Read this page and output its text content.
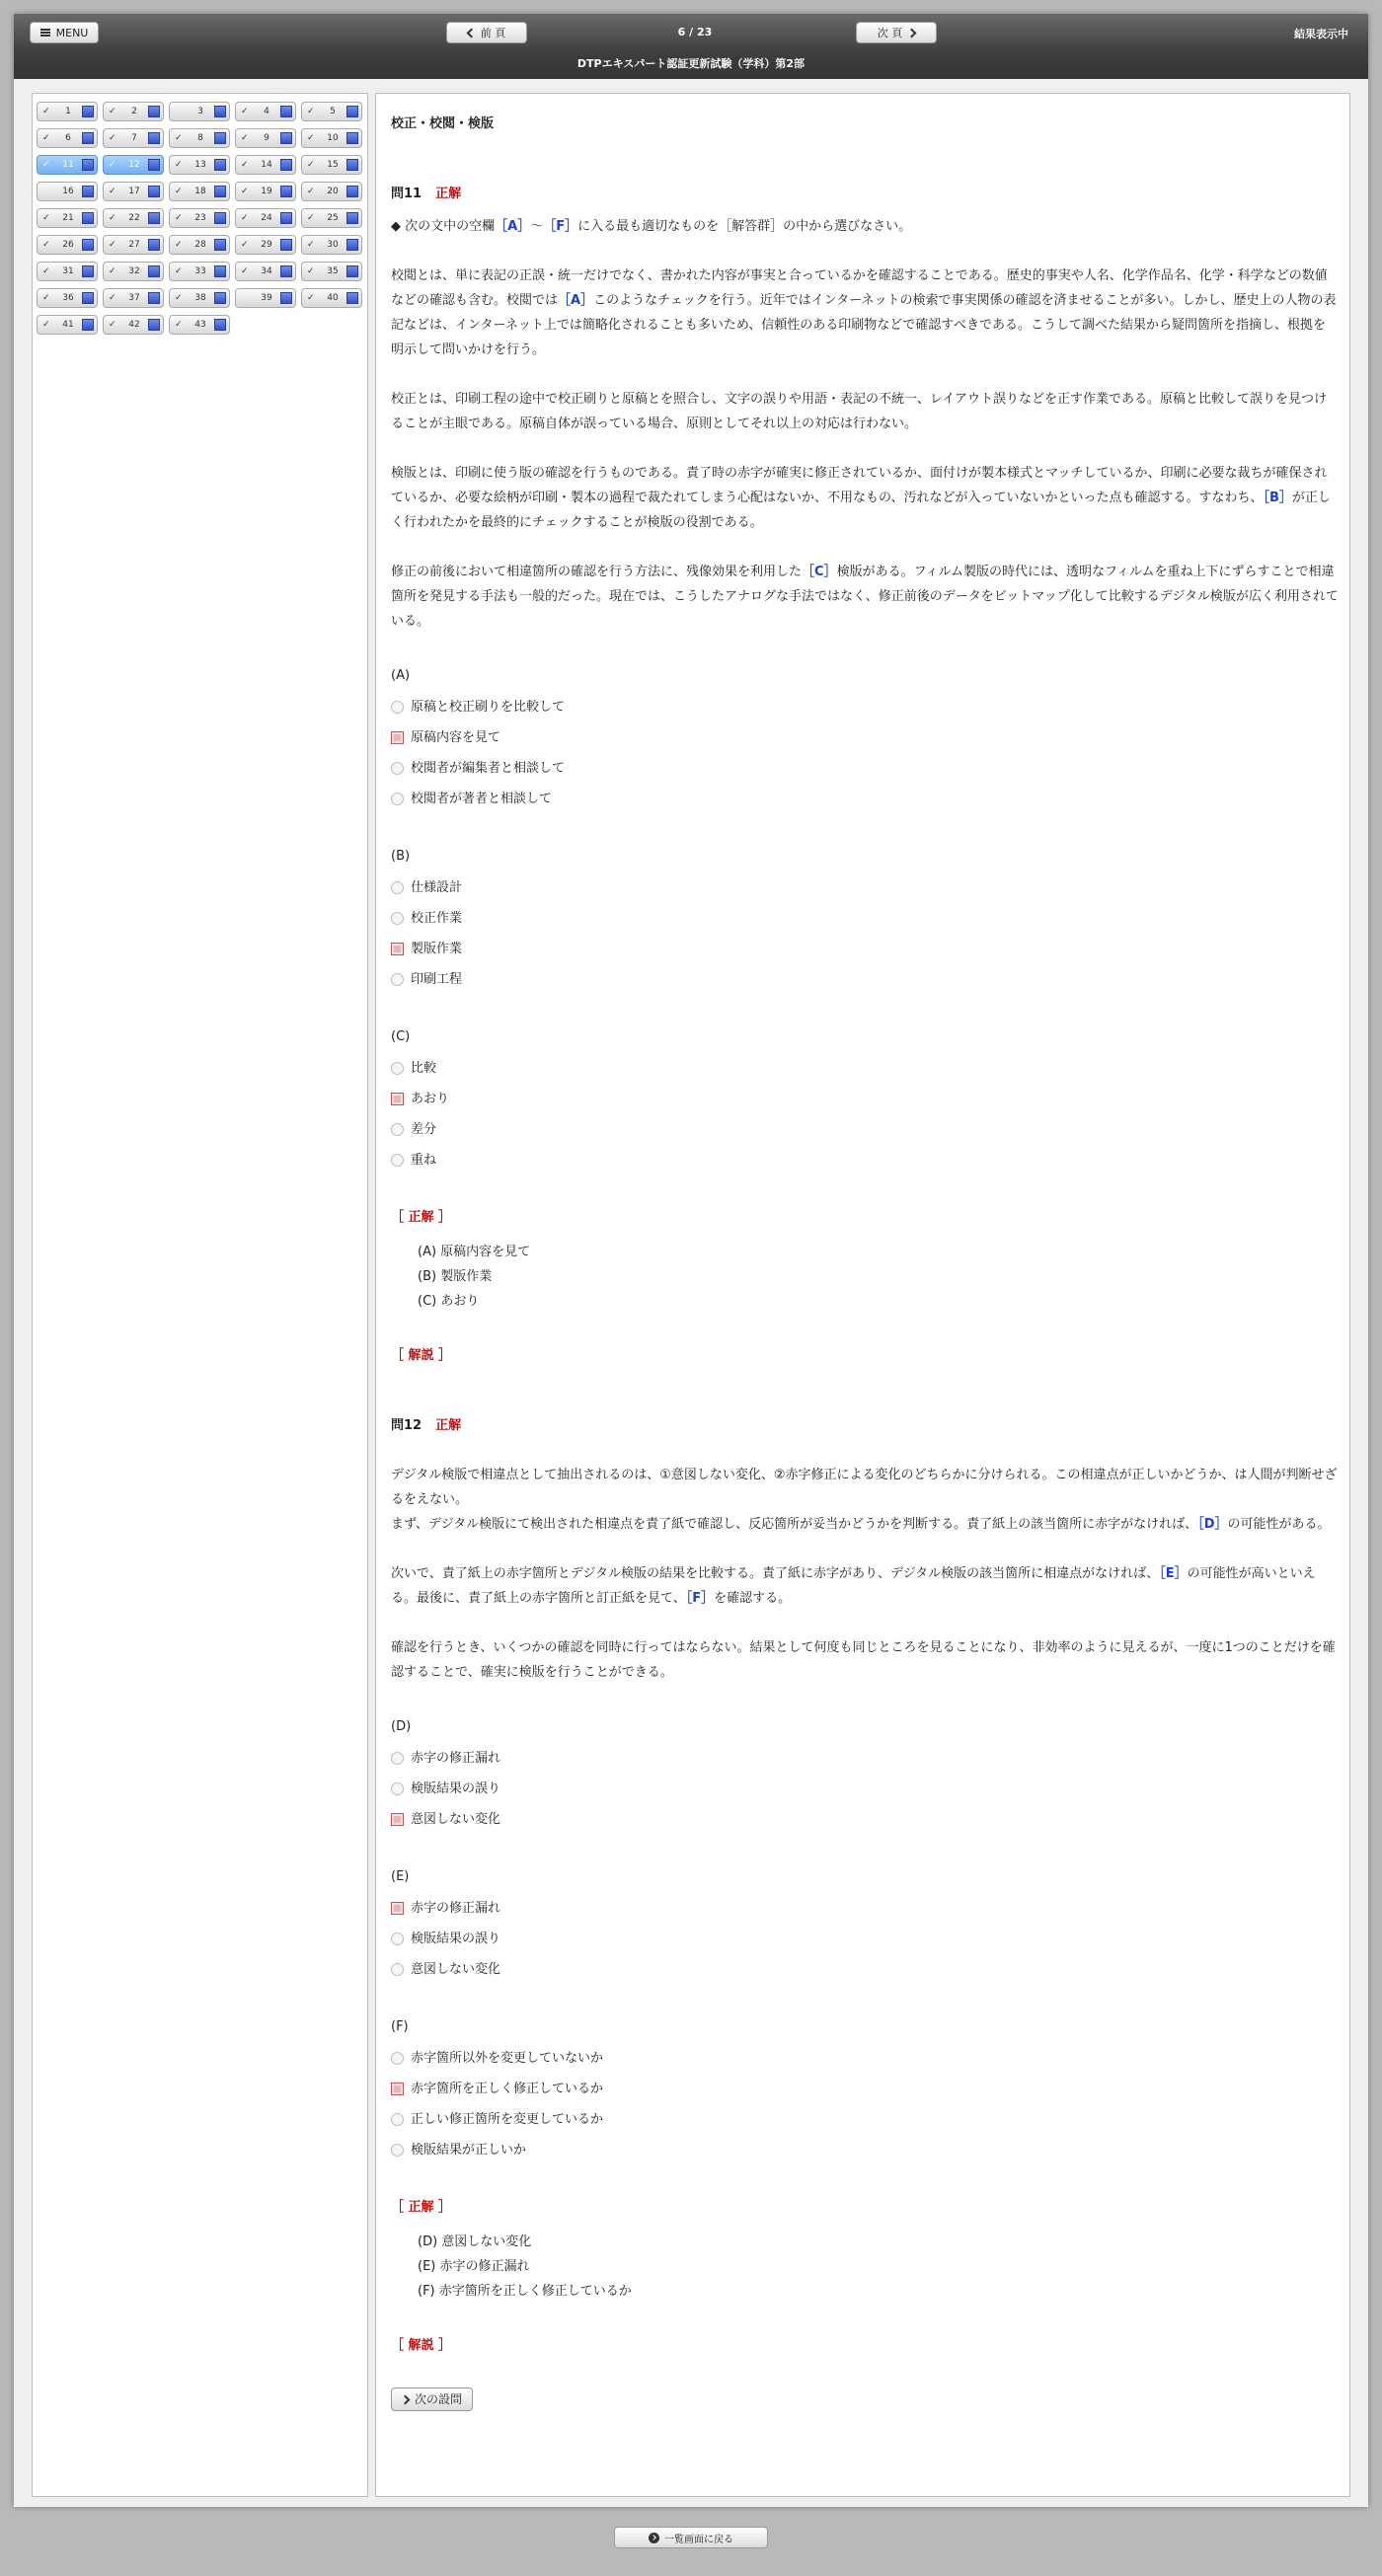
MENU	前 頁	6 / 23	次 頁	結果表示中
DTPエキスパート認証更新試験（学科）第2部
✓	1	✓	2	3	✓	4	✓	5
✓	6	✓	7	✓	8	✓	9	✓	10
✓	11	✓	12	✓	13	✓	14	✓	15
16	✓	17	✓	18	✓	19	✓	20
✓	21	✓	22	✓	23	✓	24	✓	25
✓	26	✓	27	✓	28	✓	29	✓	30
✓	31	✓	32	✓	33	✓	34	✓	35
✓	36	✓	37	✓	38	39	✓	40
✓	41	✓	42	✓	43
校正・校閲・検版
問11 正解
◆ 次の文中の空欄［A］～［F］に入る最も適切なものを［解答群］の中から選びなさい。
校閲とは、単に表記の正誤・統一だけでなく、書かれた内容が事実と合っているかを確認することである。歴史的事実や人名、化学作品名、化学・科学などの数値などの確認も含む。校閲では［A］このようなチェックを行う。近年ではインターネットの検索で事実関係の確認を済ませることが多い。しかし、歴史上の人物の表記などは、インターネット上では簡略化されることも多いため、信頼性のある印刷物などで確認すべきである。こうして調べた結果から疑問箇所を指摘し、根拠を明示して問いかけを行う。
校正とは、印刷工程の途中で校正刷りと原稿とを照合し、文字の誤りや用語・表記の不統一、レイアウト誤りなどを正す作業である。原稿と比較して誤りを見つけることが主眼である。原稿自体が誤っている場合、原則としてそれ以上の対応は行わない。
検版とは、印刷に使う版の確認を行うものである。責了時の赤字が確実に修正されているか、面付けが製本様式とマッチしているか、印刷に必要な裁ちが確保されているか、必要な絵柄が印刷・製本の過程で裁たれてしまう心配はないか、不用なもの、汚れなどが入っていないかといった点も確認する。すなわち、［B］が正しく行われたかを最終的にチェックすることが検版の役割である。
修正の前後において相違箇所の確認を行う方法に、残像効果を利用した［C］検版がある。フィルム製版の時代には、透明なフィルムを重ね上下にずらすことで相違箇所を発見する手法も一般的だった。現在では、こうしたアナログな手法ではなく、修正前後のデータをビットマップ化して比較するデジタル検版が広く利用されている。
(A)
原稿と校正刷りを比較して
原稿内容を見て
校閲者が編集者と相談して
校閲者が著者と相談して
(B)
仕様設計
校正作業
製版作業
印刷工程
(C)
比較
あおり
差分
重ね
［ 正解 ］
(A) 原稿内容を見て
(B) 製版作業
(C) あおり
［ 解説 ］
問12 正解
デジタル検版で相違点として抽出されるのは、①意図しない変化、②赤字修正による変化のどちらかに分けられる。この相違点が正しいかどうか、は人間が判断せざるをえない。
まず、デジタル検版にて検出された相違点を責了紙で確認し、反応箇所が妥当かどうかを判断する。責了紙上の該当箇所に赤字がなければ、［D］の可能性がある。
次いで、責了紙上の赤字箇所とデジタル検版の結果を比較する。責了紙に赤字があり、デジタル検版の該当箇所に相違点がなければ、［E］の可能性が高いといえる。最後に、責了紙上の赤字箇所と訂正紙を見て、［F］を確認する。
確認を行うとき、いくつかの確認を同時に行ってはならない。結果として何度も同じところを見ることになり、非効率のように見えるが、一度に1つのことだけを確認することで、確実に検版を行うことができる。
(D)
赤字の修正漏れ
検版結果の誤り
意図しない変化
(E)
赤字の修正漏れ
検版結果の誤り
意図しない変化
(F)
赤字箇所以外を変更していないか
赤字箇所を正しく修正しているか
正しい修正箇所を変更しているか
検版結果が正しいか
［ 正解 ］
(D) 意図しない変化
(E) 赤字の修正漏れ
(F) 赤字箇所を正しく修正しているか
［ 解説 ］
次の設問
一覧画面に戻る
